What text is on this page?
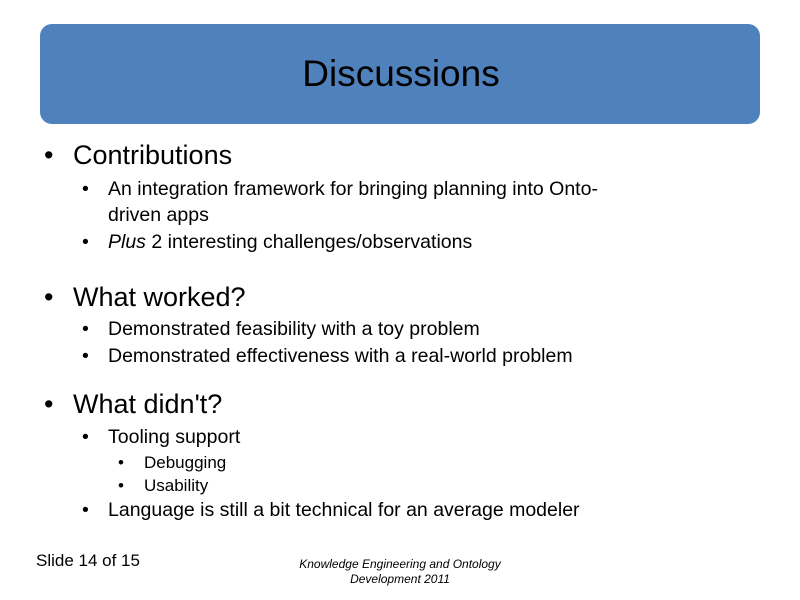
Discussions
• Contributions
• An integration framework for bringing planning into Onto-
driven apps
• Plus 2 interesting challenges/observations
• What worked?
• Demonstrated feasibility with a toy problem
• Demonstrated effectiveness with a real-world problem
• What didn't?
• Tooling support
• Debugging
• Usability
• Language is still a bit technical for an average modeler
Slide 14 of 15	Knowledge Engineering and Ontology
Development 2011
